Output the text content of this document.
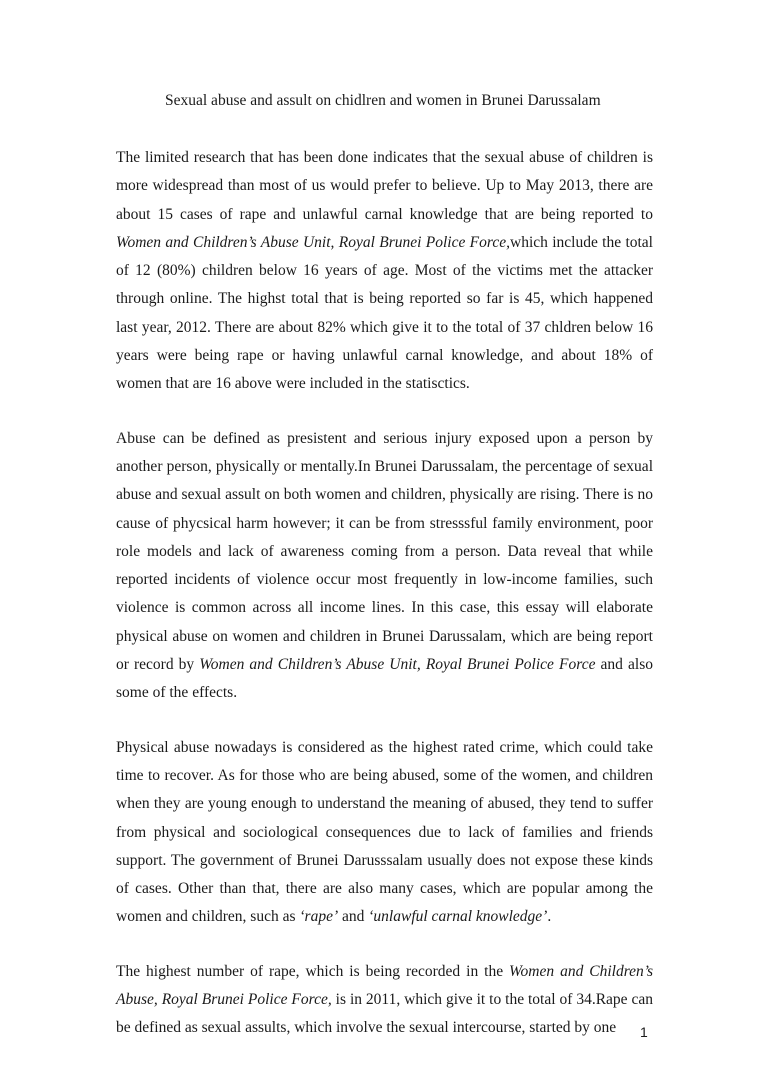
Sexual abuse and assult on chidlren and women in Brunei Darussalam

The limited research that has been done indicates that the sexual abuse of children is more widespread than most of us would prefer to believe. Up to May 2013, there are about 15 cases of rape and unlawful carnal knowledge that are being reported to Women and Children’s Abuse Unit, Royal Brunei Police Force,which include the total of 12 (80%) children below 16 years of age. Most of the victims met the attacker through online. The highst total that is being reported so far is 45, which happened last year, 2012. There are about 82% which give it to the total of 37 chldren below 16 years were being rape or having unlawful carnal knowledge, and about 18% of women that are 16 above were included in the statisctics.

Abuse can be defined as presistent and serious injury exposed upon a person by another person, physically or mentally.In Brunei Darussalam, the percentage of sexual abuse and sexual assult on both women and children, physically are rising. There is no cause of phycsical harm however; it can be from stresssful family environment, poor role models and lack of awareness coming from a person. Data reveal that while reported incidents of violence occur most frequently in low-income families, such violence is common across all income lines. In this case, this essay will elaborate physical abuse on women and children in Brunei Darussalam, which are being report or record by Women and Children’s Abuse Unit, Royal Brunei Police Force and also some of the effects.

Physical abuse nowadays is considered as the highest rated crime, which could take time to recover. As for those who are being abused, some of the women, and children when they are young enough to understand the meaning of abused, they tend to suffer from physical and sociological consequences due to lack of families and friends support. The government of Brunei Darusssalam usually does not expose these kinds of cases. Other than that, there are also many cases, which are popular among the women and children, such as ‘rape’ and ‘unlawful carnal knowledge’.

The highest number of rape, which is being recorded in the Women and Children’s Abuse, Royal Brunei Police Force, is in 2011, which give it to the total of 34.Rape can be defined as sexual assults, which involve the sexual intercourse, started by one	1
